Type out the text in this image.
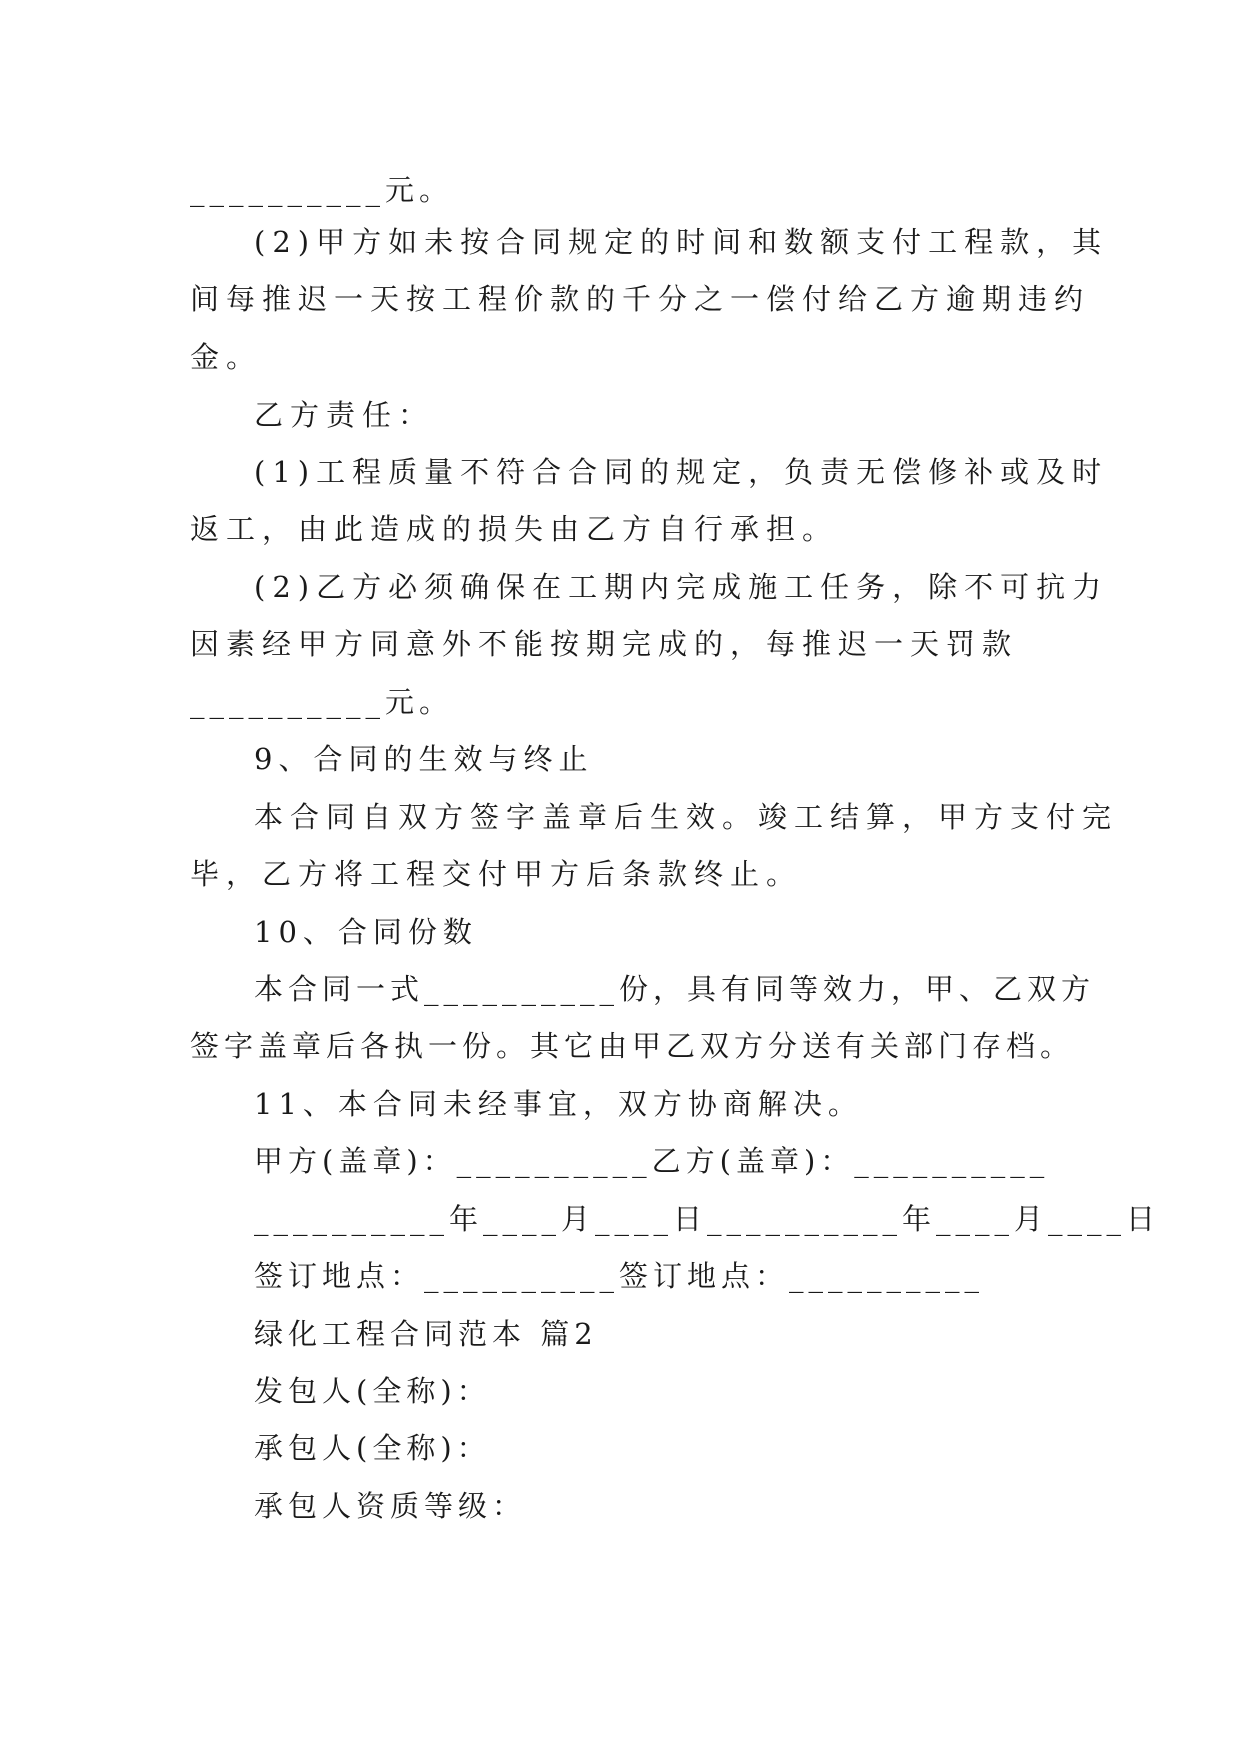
__________元。
(2)甲方如未按合同规定的时间和数额支付工程款，其
间每推迟一天按工程价款的千分之一偿付给乙方逾期违约
金。
乙方责任：
(1)工程质量不符合合同的规定，负责无偿修补或及时
返工，由此造成的损失由乙方自行承担。
(2)乙方必须确保在工期内完成施工任务，除不可抗力
因素经甲方同意外不能按期完成的，每推迟一天罚款
__________元。
9、合同的生效与终止
本合同自双方签字盖章后生效。竣工结算，甲方支付完
毕，乙方将工程交付甲方后条款终止。
10、合同份数
本合同一式__________份，具有同等效力，甲、乙双方
签字盖章后各执一份。其它由甲乙双方分送有关部门存档。
11、本合同未经事宜，双方协商解决。
甲方(盖章)：__________乙方(盖章)：__________
__________年____月____日__________年____月____日
签订地点：__________签订地点：__________
绿化工程合同范本 篇2
发包人(全称)：
承包人(全称)：
承包人资质等级：
